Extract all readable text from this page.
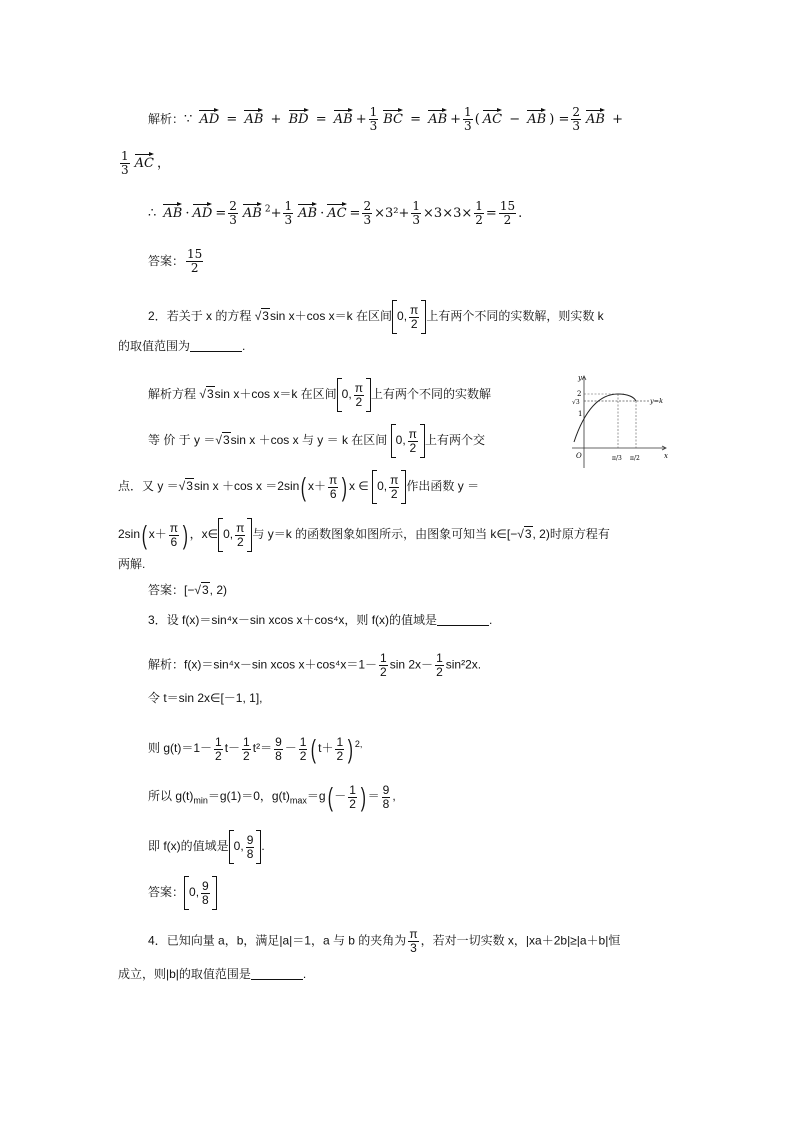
解析：∵ AD = AB + BD = AB + $\frac{1}{3}$ BC = AB + $\frac{1}{3}$ ( AC − AB ) = $\frac{2}{3}$ AB +
$\frac{1}{3}$ AC ，
∴ AB · AD = $\frac{2}{3}$ AB $^2+ \frac{1}{3}$ AB · AC = $\frac{2}{3} \times 3^2+ \frac{1}{3} \times 3\times 3\times \frac{1}{2} = \frac{15}{2}$ .
答案： $\frac{15}{2}$
2．若关于 x 的方程 √3sin x＋cos x＝k 在区间 0, $\frac{\pi}{2}$ 上有两个不同的实数解，则实数 k
的取值范围为	.
解析方程 √3sin x＋cos x＝k 在区间 0, $\frac{\pi}{2}$ 上有两个不同的实数解
等 价 于 y ＝√3sin x ＋cos x 与 y ＝ k 在区间 0, $\frac{\pi}{2}$ 上有两个交
点．又 y ＝√3sin x ＋cos x ＝2sin( $x+ \frac{\pi}{6}$ ) x ∈ 0, $\frac{\pi}{2}$ 作出函数 y ＝
2sin( $x+ \frac{\pi}{6}$ ) ，x∈ 0, $\frac{\pi}{2}$ 与 y＝k 的函数图象如图所示，由图象可知当 k∈[−√3, 2)时原方程有
两解.
答案：[−√3, 2)
y
x
O
2
√3
1
y=k
π/3 π/2
3．设 f(x)＝sin⁴x－sin xcos x＋cos⁴x，则 f(x)的值域是	.
解析：f(x)＝sin⁴x－sin xcos $x+\cos^4x=1- \frac{1}{2}$ $\sin 2x- \frac{1}{2} \sin^22x$.
令 t＝sin 2x∈[－1, 1],
则 $g(t)=1- \frac{1}{2} t- \frac{1}{2} t^2= \frac{9}{8} - \frac{1}{2}$ ( $t+ \frac{1}{2}$ ) $^{2,}$
所以 $g(t)_{min}=g(1)=0$，$g(t)_{max}=g( - \frac{1}{2}$ ) ＝ $\frac{9}{8}$ ,
即 f(x)的值域是 0, $\frac{9}{8}$ .
答案： 0, $\frac{9}{8}$
4．已知向量 a，b，满足|a|＝1，a 与 b 的夹角为 $\frac{\pi}{3}$ ，若对一切实数 x，|xa＋2b|≥|a＋b|恒
成立，则|b|的取值范围是	.
